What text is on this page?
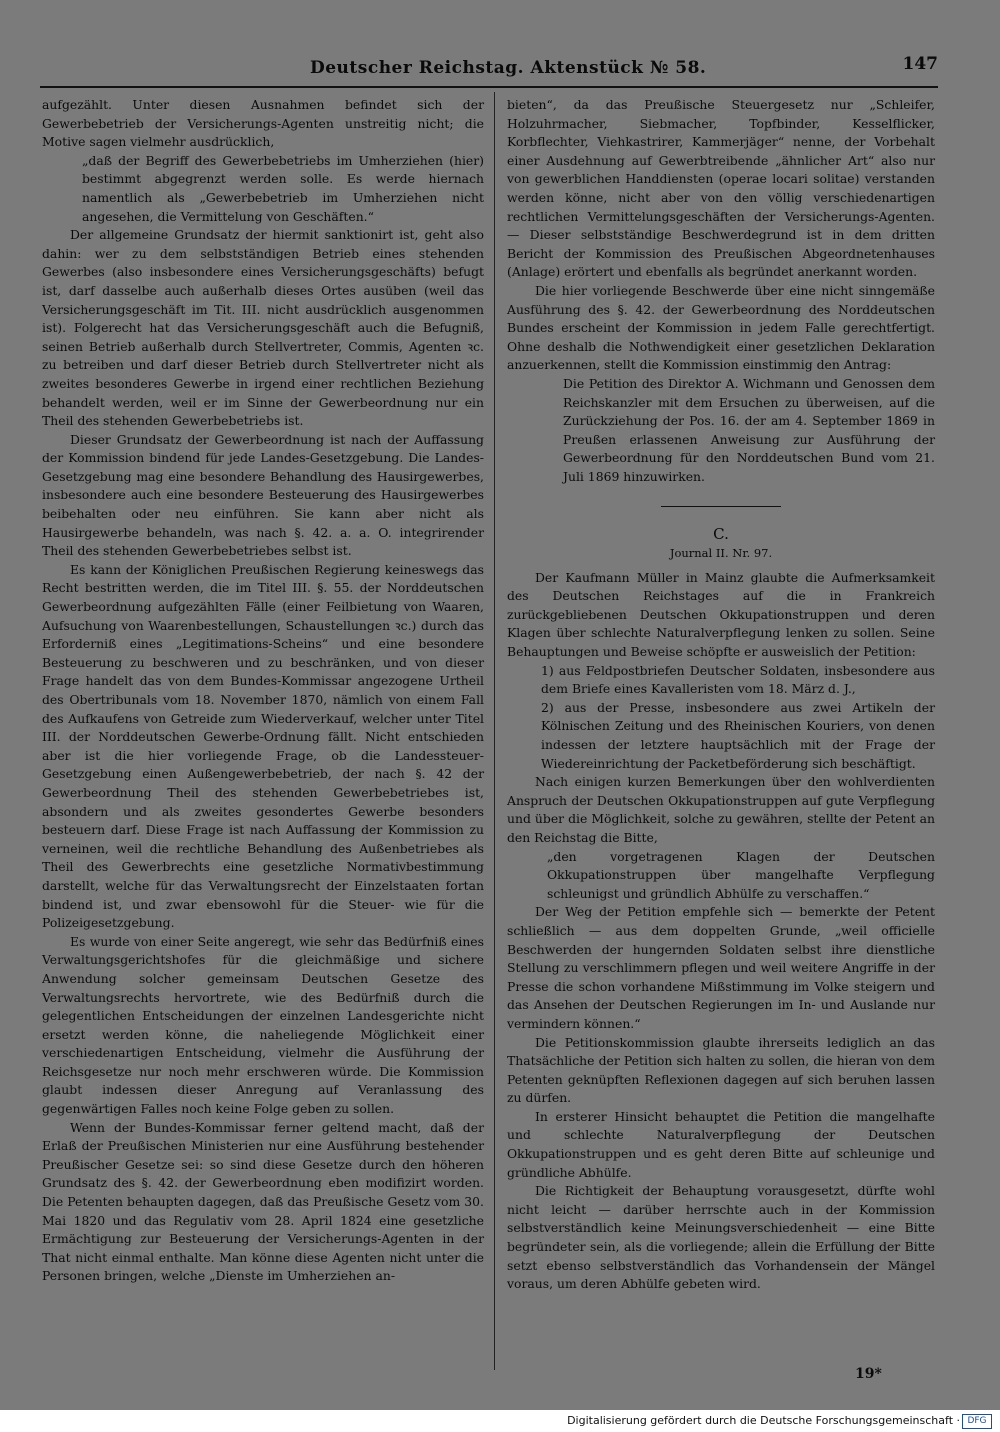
Deutscher Reichstag. Aktenstück № 58.	147

aufgezählt. Unter diesen Ausnahmen befindet sich der Gewerbebetrieb der Versicherungs-Agenten unstreitig nicht; die Motive sagen vielmehr ausdrücklich,

„daß der Begriff des Gewerbebetriebs im Umherziehen (hier) bestimmt abgegrenzt werden solle. Es werde hiernach namentlich als „Gewerbebetrieb im Umherziehen nicht angesehen, die Vermittelung von Geschäften.“

Der allgemeine Grundsatz der hiermit sanktionirt ist, geht also dahin: wer zu dem selbstständigen Betrieb eines stehenden Gewerbes (also insbesondere eines Versicherungsgeschäfts) befugt ist, darf dasselbe auch außerhalb dieses Ortes ausüben (weil das Versicherungsgeschäft im Tit. III. nicht ausdrücklich ausgenommen ist). Folgerecht hat das Versicherungsgeschäft auch die Befugniß, seinen Betrieb außerhalb durch Stellvertreter, Commis, Agenten ꝛc. zu betreiben und darf dieser Betrieb durch Stellvertreter nicht als zweites besonderes Gewerbe in irgend einer rechtlichen Beziehung behandelt werden, weil er im Sinne der Gewerbeordnung nur ein Theil des stehenden Gewerbebetriebs ist.

Dieser Grundsatz der Gewerbeordnung ist nach der Auffassung der Kommission bindend für jede Landes-Gesetzgebung. Die Landes-Gesetzgebung mag eine besondere Behandlung des Hausirgewerbes, insbesondere auch eine besondere Besteuerung des Hausirgewerbes beibehalten oder neu einführen. Sie kann aber nicht als Hausirgewerbe behandeln, was nach §. 42. a. a. O. integrirender Theil des stehenden Gewerbebetriebes selbst ist.

Es kann der Königlichen Preußischen Regierung keineswegs das Recht bestritten werden, die im Titel III. §. 55. der Norddeutschen Gewerbeordnung aufgezählten Fälle (einer Feilbietung von Waaren, Aufsuchung von Waarenbestellungen, Schaustellungen ꝛc.) durch das Erforderniß eines „Legitimations-Scheins“ und eine besondere Besteuerung zu beschweren und zu beschränken, und von dieser Frage handelt das von dem Bundes-Kommissar angezogene Urtheil des Obertribunals vom 18. November 1870, nämlich von einem Fall des Aufkaufens von Getreide zum Wiederverkauf, welcher unter Titel III. der Norddeutschen Gewerbe-Ordnung fällt. Nicht entschieden aber ist die hier vorliegende Frage, ob die Landessteuer-Gesetzgebung einen Außengewerbebetrieb, der nach §. 42 der Gewerbeordnung Theil des stehenden Gewerbebetriebes ist, absondern und als zweites gesondertes Gewerbe besonders besteuern darf. Diese Frage ist nach Auffassung der Kommission zu verneinen, weil die rechtliche Behandlung des Außenbetriebes als Theil des Gewerbrechts eine gesetzliche Normativbestimmung darstellt, welche für das Verwaltungsrecht der Einzelstaaten fortan bindend ist, und zwar ebensowohl für die Steuer- wie für die Polizeigesetzgebung.

Es wurde von einer Seite angeregt, wie sehr das Bedürfniß eines Verwaltungsgerichtshofes für die gleichmäßige und sichere Anwendung solcher gemeinsam Deutschen Gesetze des Verwaltungsrechts hervortrete, wie des Bedürfniß durch die gelegentlichen Entscheidungen der einzelnen Landesgerichte nicht ersetzt werden könne, die naheliegende Möglichkeit einer verschiedenartigen Entscheidung, vielmehr die Ausführung der Reichsgesetze nur noch mehr erschweren würde. Die Kommission glaubt indessen dieser Anregung auf Veranlassung des gegenwärtigen Falles noch keine Folge geben zu sollen.

Wenn der Bundes-Kommissar ferner geltend macht, daß der Erlaß der Preußischen Ministerien nur eine Ausführung bestehender Preußischer Gesetze sei: so sind diese Gesetze durch den höheren Grundsatz des §. 42. der Gewerbeordnung eben modifizirt worden. Die Petenten behaupten dagegen, daß das Preußische Gesetz vom 30. Mai 1820 und das Regulativ vom 28. April 1824 eine gesetzliche Ermächtigung zur Besteuerung der Versicherungs-Agenten in der That nicht einmal enthalte. Man könne diese Agenten nicht unter die Personen bringen, welche „Dienste im Umherziehen an-

bieten“, da das Preußische Steuergesetz nur „Schleifer, Holzuhrmacher, Siebmacher, Topfbinder, Kesselflicker, Korbflechter, Viehkastrirer, Kammerjäger“ nenne, der Vorbehalt einer Ausdehnung auf Gewerbtreibende „ähnlicher Art“ also nur von gewerblichen Handdiensten (operae locari solitae) verstanden werden könne, nicht aber von den völlig verschiedenartigen rechtlichen Vermittelungsgeschäften der Versicherungs-Agenten. — Dieser selbstständige Beschwerdegrund ist in dem dritten Bericht der Kommission des Preußischen Abgeordnetenhauses (Anlage) erörtert und ebenfalls als begründet anerkannt worden.

Die hier vorliegende Beschwerde über eine nicht sinngemäße Ausführung des §. 42. der Gewerbeordnung des Norddeutschen Bundes erscheint der Kommission in jedem Falle gerechtfertigt. Ohne deshalb die Nothwendigkeit einer gesetzlichen Deklaration anzuerkennen, stellt die Kommission einstimmig den Antrag:

Die Petition des Direktor A. Wichmann und Genossen dem Reichskanzler mit dem Ersuchen zu überweisen, auf die Zurückziehung der Pos. 16. der am 4. September 1869 in Preußen erlassenen Anweisung zur Ausführung der Gewerbeordnung für den Norddeutschen Bund vom 21. Juli 1869 hinzuwirken.

C.
Journal II. Nr. 97.

Der Kaufmann Müller in Mainz glaubte die Aufmerksamkeit des Deutschen Reichstages auf die in Frankreich zurückgebliebenen Deutschen Okkupationstruppen und deren Klagen über schlechte Naturalverpflegung lenken zu sollen. Seine Behauptungen und Beweise schöpfte er ausweislich der Petition:

1) aus Feldpostbriefen Deutscher Soldaten, insbesondere aus dem Briefe eines Kavalleristen vom 18. März d. J.,

2) aus der Presse, insbesondere aus zwei Artikeln der Kölnischen Zeitung und des Rheinischen Kouriers, von denen indessen der letztere hauptsächlich mit der Frage der Wiedereinrichtung der Packetbeförderung sich beschäftigt.

Nach einigen kurzen Bemerkungen über den wohlverdienten Anspruch der Deutschen Okkupationstruppen auf gute Verpflegung und über die Möglichkeit, solche zu gewähren, stellte der Petent an den Reichstag die Bitte,

„den vorgetragenen Klagen der Deutschen Okkupationstruppen über mangelhafte Verpflegung schleunigst und gründlich Abhülfe zu verschaffen.“

Der Weg der Petition empfehle sich — bemerkte der Petent schließlich — aus dem doppelten Grunde, „weil officielle Beschwerden der hungernden Soldaten selbst ihre dienstliche Stellung zu verschlimmern pflegen und weil weitere Angriffe in der Presse die schon vorhandene Mißstimmung im Volke steigern und das Ansehen der Deutschen Regierungen im In- und Auslande nur vermindern können.“

Die Petitionskommission glaubte ihrerseits lediglich an das Thatsächliche der Petition sich halten zu sollen, die hieran von dem Petenten geknüpften Reflexionen dagegen auf sich beruhen lassen zu dürfen.

In ersterer Hinsicht behauptet die Petition die mangelhafte und schlechte Naturalverpflegung der Deutschen Okkupationstruppen und es geht deren Bitte auf schleunige und gründliche Abhülfe.

Die Richtigkeit der Behauptung vorausgesetzt, dürfte wohl nicht leicht — darüber herrschte auch in der Kommission selbstverständlich keine Meinungsverschiedenheit — eine Bitte begründeter sein, als die vorliegende; allein die Erfüllung der Bitte setzt ebenso selbstverständlich das Vorhandensein der Mängel voraus, um deren Abhülfe gebeten wird.

19*
Digitalisierung gefördert durch die Deutsche Forschungsgemeinschaft · DFG
